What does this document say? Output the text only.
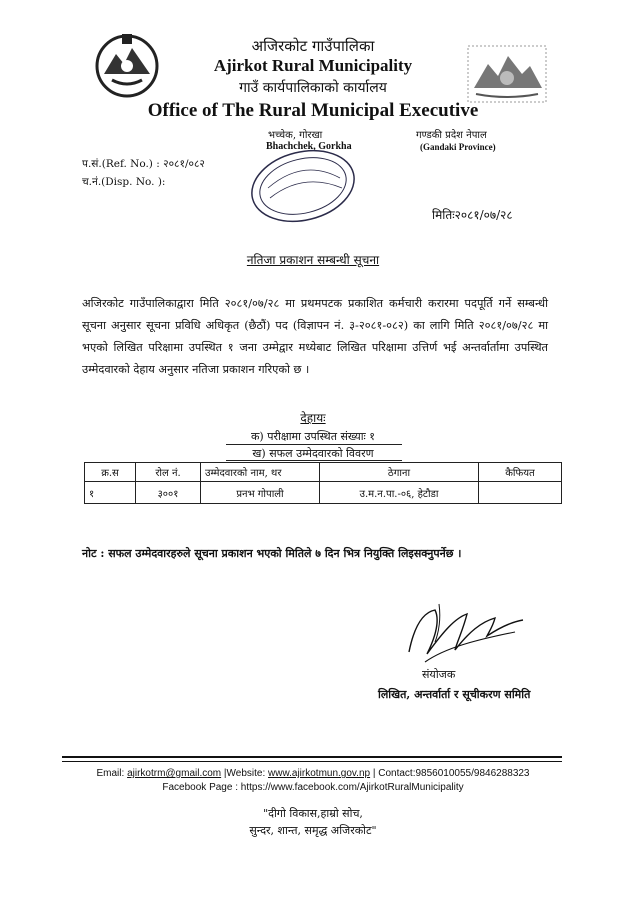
अजिरकोट गाउँपालिका
Ajirkot Rural Municipality
गाउँ कार्यपालिकाको कार्यालय
Office of The Rural Municipal Executive
भच्चेक, गोरखा
Bhachchek, Gorkha
गण्डकी प्रदेश नेपाल
(Gandaki Province)
प.सं.(Ref. No.) : २०८१/०८२
च.नं.(Disp. No. ):
मितिः२०८१/०७/२८
नतिजा प्रकाशन सम्बन्धी सूचना
अजिरकोट गाउँपालिकाद्वारा मिति २०८१/०७/२८ मा प्रथमपटक प्रकाशित कर्मचारी करारमा पदपूर्ति गर्ने सम्बन्धी सूचना अनुसार सूचना प्रविधि अधिकृत (छैठौं) पद (विज्ञापन नं. ३-२०८१-०८२) का लागि मिति २०८१/०७/२८ मा भएको लिखित परिक्षामा उपस्थित १ जना उम्मेद्वार मध्येबाट लिखित परिक्षामा उत्तिर्ण भई अन्तर्वार्तामा उपस्थित उम्मेदवारको देहाय अनुसार नतिजा प्रकाशन गरिएको छ ।
देहायः
क) परीक्षामा उपस्थित संख्याः १
ख) सफल उम्मेदवारको विवरण
क्र.स	रोल नं.	उम्मेदवारको नाम, थर	ठेगाना	कैफियत
१	३००१	प्रनभ गोपाली	उ.म.न.पा.-०६, हेटौडा	
नोट : सफल उम्मेदवारहरुले सूचना प्रकाशन भएको मितिले ७ दिन भित्र नियुक्ति लिइसक्नुपर्नेछ ।
संयोजक
लिखित, अन्तर्वार्ता र सूचीकरण समिति
Email: ajirkotrm@gmail.com |Website: www.ajirkotmun.gov.np | Contact:9856010055/9846288323
Facebook Page : https://www.facebook.com/AjirkotRuralMunicipality
"दीगो विकास,हाम्रो सोच,
सुन्दर, शान्त, समृद्ध अजिरकोट"
